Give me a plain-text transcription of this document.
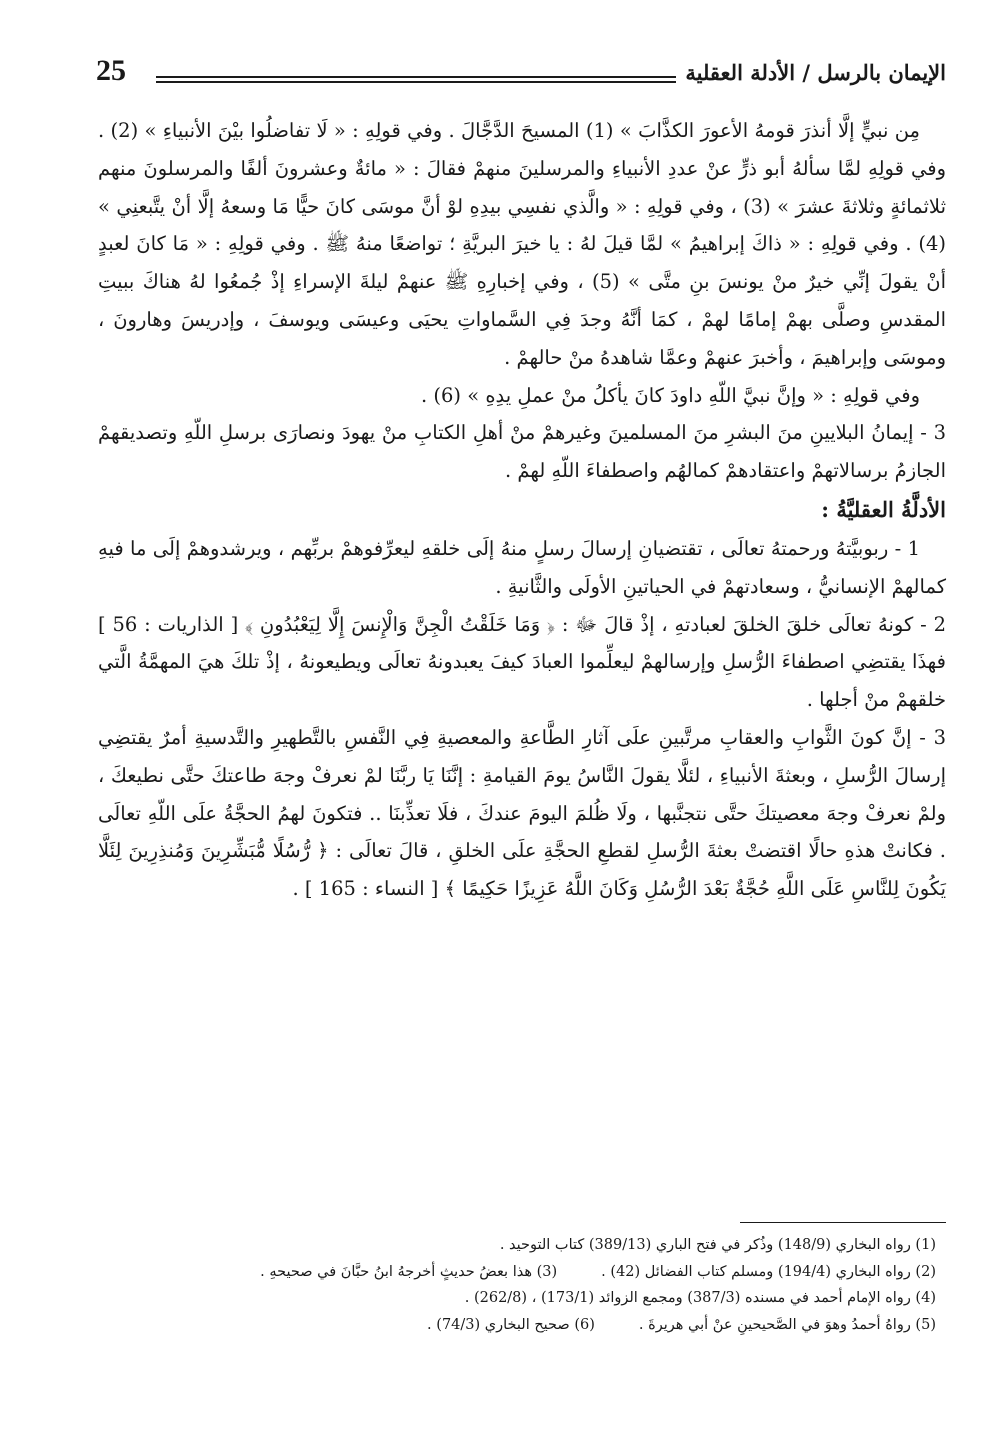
الإيمان بالرسل / الأدلة العقلية
25

مِن نبيٍّ إلَّا أنذرَ قومهُ الأعورَ الكذَّابَ » (1) المسيحَ الدَّجَّالَ . وفي قولِهِ : « لَا تفاضلُوا بيْنَ الأنبياءِ » (2) . وفي قولِهِ لمَّا سألهُ أبو ذرٍّ عنْ عددِ الأنبياءِ والمرسلينَ منهمْ فقالَ : « مائةٌ وعشرونَ ألفًا والمرسلونَ منهم ثلاثمائةٍ وثلاثةَ عشرَ » (3) ، وفي قولِهِ : « والَّذي نفسِي بيدِهِ لوْ أنَّ موسَى كانَ حيًّا مَا وسعهُ إلَّا أنْ يتَّبعنِي » (4) . وفي قولِهِ : « ذاكَ إبراهيمُ » لمَّا قيلَ لهُ : يا خيرَ البريَّةِ ؛ تواضعًا منهُ ﷺ . وفي قولِهِ : « مَا كانَ لعبدٍ أنْ يقولَ إنِّي خيرٌ منْ يونسَ بنِ متَّى » (5) ، وفي إخبارِهِ ﷺ عنهمْ ليلةَ الإسراءِ إذْ جُمعُوا لهُ هناكَ ببيتِ المقدسِ وصلَّى بهمْ إمامًا لهمْ ، كمَا أنَّهُ وجدَ فِي السَّماواتِ يحيَى وعيسَى ويوسفَ ، وإدريسَ وهارونَ ، وموسَى وإبراهيمَ ، وأخبرَ عنهمْ وعمَّا شاهدهُ منْ حالهمْ .

وفي قولِهِ : « وإنَّ نبيَّ اللّهِ داودَ كانَ يأكلُ منْ عملِ يدِهِ » (6) .

3 - إيمانُ البلايينِ منَ البشرِ منَ المسلمينَ وغيرهمْ منْ أهلِ الكتابِ منْ يهودَ ونصارَى برسلِ اللّهِ وتصديقهمْ الجازمُ برسالاتهمْ واعتقادهمْ كمالهُم واصطفاءَ اللّهِ لهمْ .

الأدلَّةُ العقليَّةُ :

1 - ربوبيَّتهُ ورحمتهُ تعالَى ، تقتضيانِ إرسالَ رسلٍ منهُ إلَى خلقهِ ليعرِّفوهمْ بربِّهم ، ويرشدوهمْ إلَى ما فيهِ كمالهمْ الإنسانيُّ ، وسعادتهمْ في الحياتينِ الأولَى والثَّانيةِ .

2 - كونهُ تعالَى خلقَ الخلقَ لعبادتهِ ، إذْ قالَ ﷻ : ﴿ وَمَا خَلَقْتُ الْجِنَّ وَالْإِنسَ إِلَّا لِيَعْبُدُونِ ﴾ [ الذاريات : 56 ] فهذَا يقتضِي اصطفاءَ الرُّسلِ وإرسالهمْ ليعلِّموا العبادَ كيفَ يعبدونهُ تعالَى ويطيعونهُ ، إذْ تلكَ هيَ المهمَّةُ الَّتي خلقهمْ منْ أجلها .

3 - إنَّ كونَ الثَّوابِ والعقابِ مرتَّبينِ علَى آثارِ الطَّاعةِ والمعصيةِ فِي النَّفسِ بالتَّطهيرِ والتَّدسيةِ أمرٌ يقتضِي إرسالَ الرُّسلِ ، وبعثةَ الأنبياءِ ، لئلَّا يقولَ النَّاسُ يومَ القيامةِ : إنَّنَا يَا ربَّنَا لمْ نعرفْ وجهَ طاعتكَ حتَّى نطيعكَ ، ولمْ نعرفْ وجهَ معصيتكَ حتَّى نتجنَّبها ، ولَا ظُلمَ اليومَ عندكَ ، فلَا تعذِّبنَا .. فتكونَ لهمُ الحجَّةُ علَى اللّهِ تعالَى . فكانتْ هذهِ حالًا اقتضتْ بعثةَ الرُّسلِ لقطعِ الحجَّةِ علَى الخلقِ ، قالَ تعالَى : ﴿ رُّسُلًا مُّبَشِّرِينَ وَمُنذِرِينَ لِئَلَّا يَكُونَ لِلنَّاسِ عَلَى اللَّهِ حُجَّةٌ بَعْدَ الرُّسُلِ وَكَانَ اللَّهُ عَزِيزًا حَكِيمًا ﴾ [ النساء : 165 ] .

(1) رواه البخاري (148/9) وذُكر في فتح الباري (389/13) كتاب التوحيد .
(2) رواه البخاري (194/4) ومسلم كتاب الفضائل (42) .(3) هذا بعضُ حديثٍ أخرجهُ ابنُ حبَّانَ في صحيحهِ .
(4) رواه الإمام أحمد في مسنده (387/3) ومجمع الزوائد (173/1) ، (262/8) .
(5) رواهُ أحمدُ وهوَ في الصَّحيحينِ عنْ أبي هريرةَ .(6) صحيح البخاري (74/3) .
